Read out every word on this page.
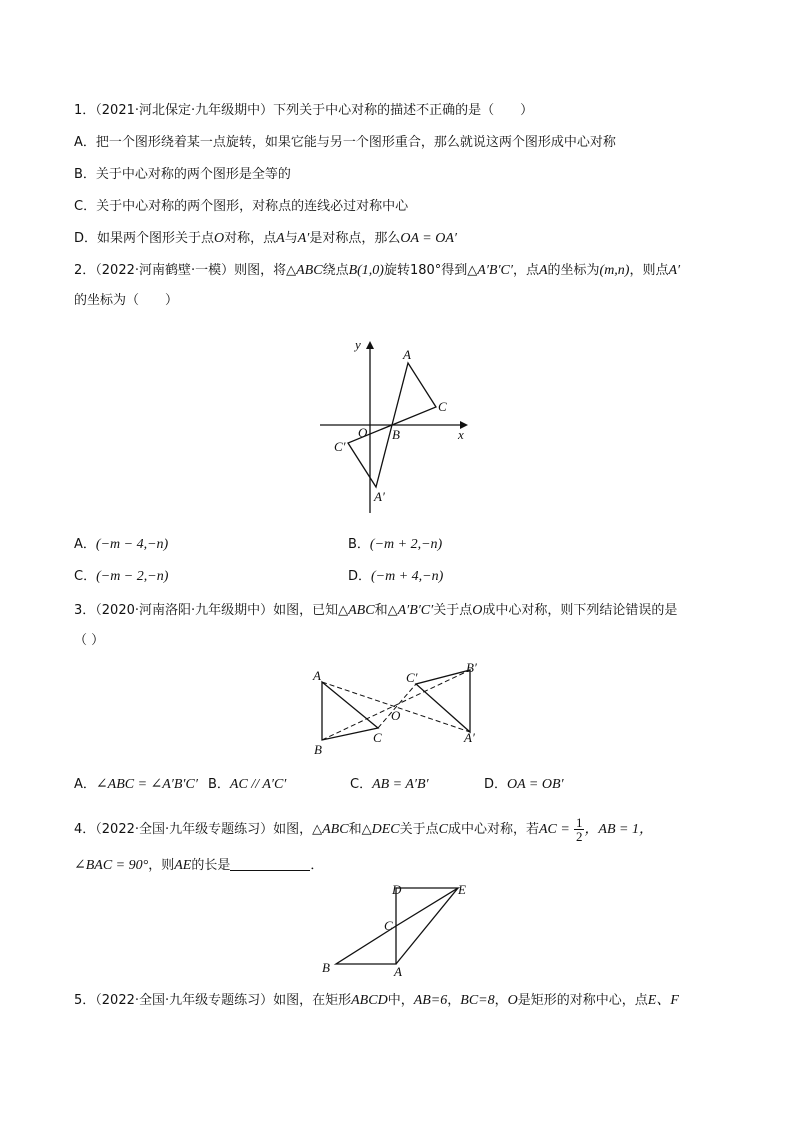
1．（2021·河北保定·九年级期中）下列关于中心对称的描述不正确的是（　　）
A．把一个图形绕着某一点旋转，如果它能与另一个图形重合，那么就说这两个图形成中心对称
B．关于中心对称的两个图形是全等的
C．关于中心对称的两个图形，对称点的连线必过对称中心
D．如果两个图形关于点O对称，点A与A′是对称点，那么OA = OA′
2．（2022·河南鹤壁·一模）则图，将△ABC绕点B(1,0)旋转180°得到△A′B′C′，点A的坐标为(m,n)，则点A′
的坐标为（　　）
y
x
O B
A
C
C′
A′
A．(−m − 4,−n)	B．(−m + 2,−n)
C．(−m − 2,−n)	D．(−m + 4,−n)
3．（2020·河南洛阳·九年级期中）如图，已知△ABC和△A′B′C′关于点O成中心对称，则下列结论错误的是
（ ）
A
B
C
O
C′
B′
A′
A．∠ABC = ∠A′B′C′ B．AC // A′C′	C．AB = A′B′	D．OA = OB′
4．（2022·全国·九年级专题练习）如图，△ABC和△DEC关于点C成中心对称，若AC = $\frac{1}{2}$ ，AB = 1，
∠BAC = 90°，则AE的长是	．
D	E
C
B	A
5．（2022·全国·九年级专题练习）如图，在矩形ABCD中，AB=6，BC=8，O是矩形的对称中心，点E、F
